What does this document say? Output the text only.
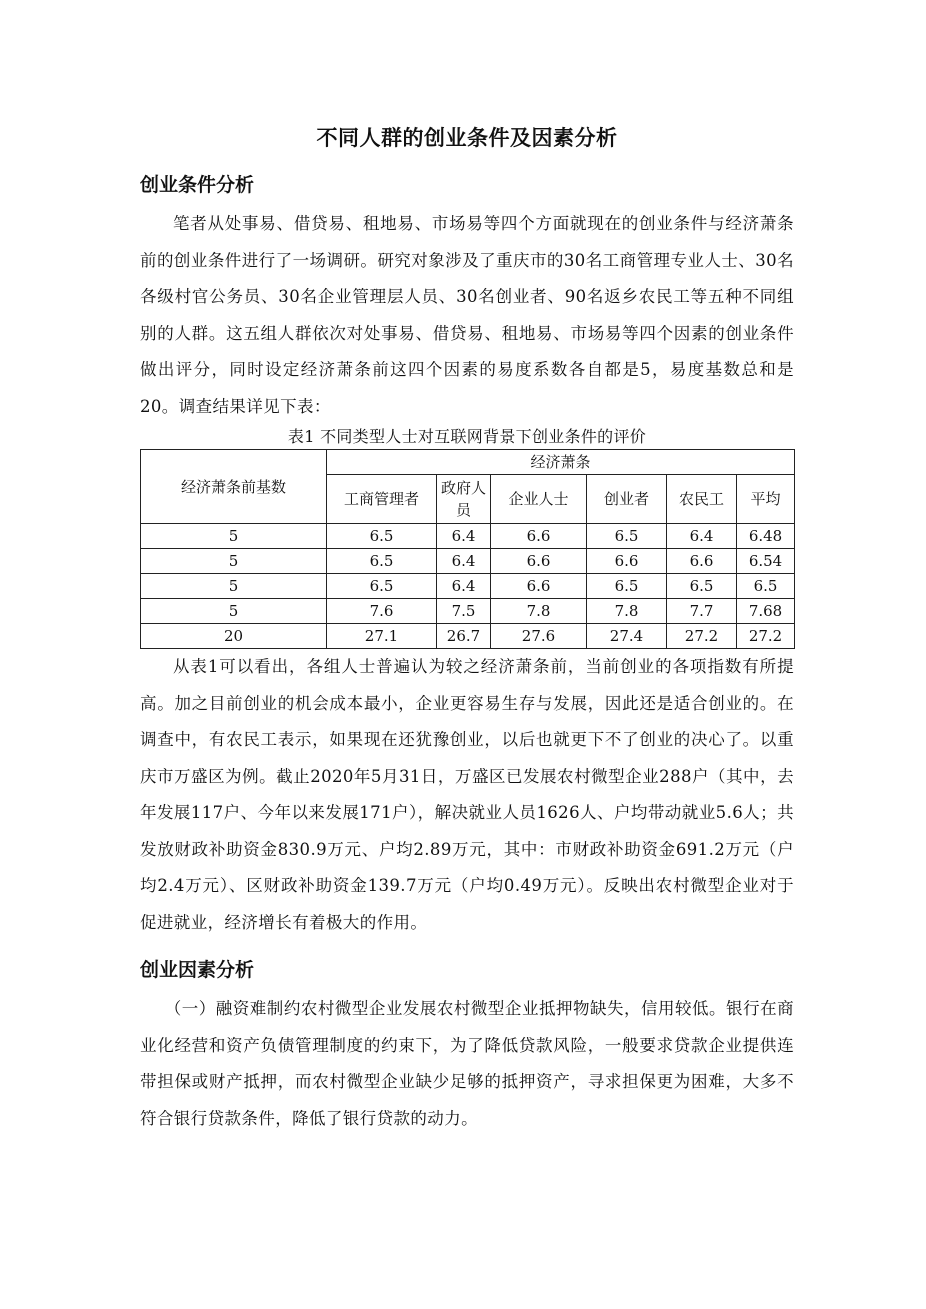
不同人群的创业条件及因素分析
创业条件分析

笔者从处事易、借贷易、租地易、市场易等四个方面就现在的创业条件与经济萧条前的创业条件进行了一场调研。研究对象涉及了重庆市的30名工商管理专业人士、30名各级村官公务员、30名企业管理层人员、30名创业者、90名返乡农民工等五种不同组别的人群。这五组人群依次对处事易、借贷易、租地易、市场易等四个因素的创业条件做出评分，同时设定经济萧条前这四个因素的易度系数各自都是5，易度基数总和是20。调查结果详见下表：

表1 不同类型人士对互联网背景下创业条件的评价

经济萧条前基数	经济萧条					
	工商管理者	政府人员	企业人士	创业者	农民工	平均
5	6.5	6.4	6.6	6.5	6.4	6.48
5	6.5	6.4	6.6	6.6	6.6	6.54
5	6.5	6.4	6.6	6.5	6.5	6.5
5	7.6	7.5	7.8	7.8	7.7	7.68
20	27.1	26.7	27.6	27.4	27.2	27.2

从表1可以看出，各组人士普遍认为较之经济萧条前，当前创业的各项指数有所提高。加之目前创业的机会成本最小，企业更容易生存与发展，因此还是适合创业的。在调查中，有农民工表示，如果现在还犹豫创业，以后也就更下不了创业的决心了。以重庆市万盛区为例。截止2020年5月31日，万盛区已发展农村微型企业288户（其中，去年发展117户、今年以来发展171户），解决就业人员1626人、户均带动就业5.6人；共发放财政补助资金830.9万元、户均2.89万元，其中：市财政补助资金691.2万元（户均2.4万元）、区财政补助资金139.7万元（户均0.49万元）。反映出农村微型企业对于促进就业，经济增长有着极大的作用。

创业因素分析

（一）融资难制约农村微型企业发展农村微型企业抵押物缺失，信用较低。银行在商业化经营和资产负债管理制度的约束下，为了降低贷款风险，一般要求贷款企业提供连带担保或财产抵押，而农村微型企业缺少足够的抵押资产，寻求担保更为困难，大多不符合银行贷款条件，降低了银行贷款的动力。
